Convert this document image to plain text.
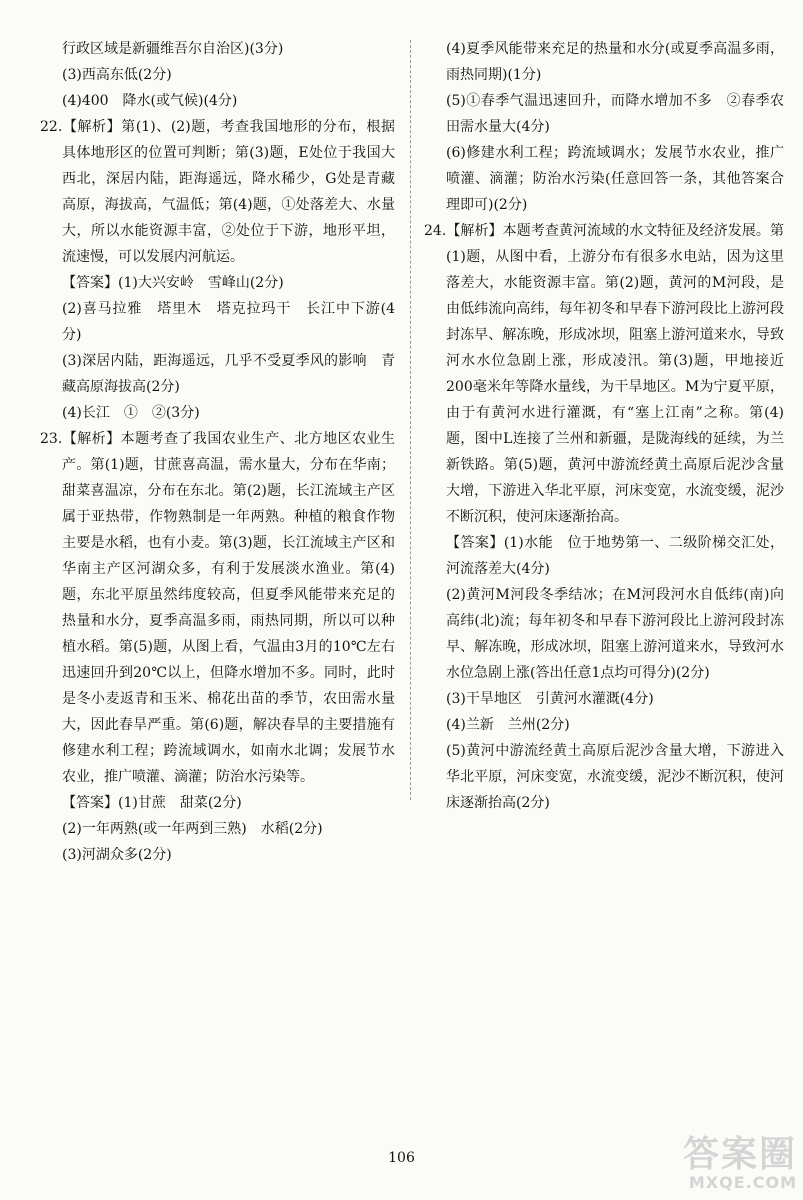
行政区域是新疆维吾尔自治区)(3分)

(3)西高东低(2分)

(4)400　降水(或气候)(4分)

22.【解析】第(1)、(2)题，考查我国地形的分布，根据具体地形区的位置可判断；第(3)题，E处位于我国大西北，深居内陆，距海遥远，降水稀少，G处是青藏高原，海拔高，气温低；第(4)题，①处落差大、水量大，所以水能资源丰富，②处位于下游，地形平坦，流速慢，可以发展内河航运。

【答案】(1)大兴安岭　雪峰山(2分)

(2)喜马拉雅　塔里木　塔克拉玛干　长江中下游(4分)

(3)深居内陆，距海遥远，几乎不受夏季风的影响　青藏高原海拔高(2分)

(4)长江　①　②(3分)

23.【解析】本题考查了我国农业生产、北方地区农业生产。第(1)题，甘蔗喜高温，需水量大，分布在华南；甜菜喜温凉，分布在东北。第(2)题，长江流域主产区属于亚热带，作物熟制是一年两熟。种植的粮食作物主要是水稻，也有小麦。第(3)题，长江流域主产区和华南主产区河湖众多，有利于发展淡水渔业。第(4)题，东北平原虽然纬度较高，但夏季风能带来充足的热量和水分，夏季高温多雨，雨热同期，所以可以种植水稻。第(5)题，从图上看，气温由3月的10℃左右迅速回升到20℃以上，但降水增加不多。同时，此时是冬小麦返青和玉米、棉花出苗的季节，农田需水量大，因此春旱严重。第(6)题，解决春旱的主要措施有修建水利工程；跨流域调水，如南水北调；发展节水农业，推广喷灌、滴灌；防治水污染等。

【答案】(1)甘蔗　甜菜(2分)

(2)一年两熟(或一年两到三熟)　水稻(2分)

(3)河湖众多(2分)

(4)夏季风能带来充足的热量和水分(或夏季高温多雨，雨热同期)(1分)

(5)①春季气温迅速回升，而降水增加不多　②春季农田需水量大(4分)

(6)修建水利工程；跨流域调水；发展节水农业，推广喷灌、滴灌；防治水污染(任意回答一条，其他答案合理即可)(2分)

24.【解析】本题考查黄河流域的水文特征及经济发展。第(1)题，从图中看，上游分布有很多水电站，因为这里落差大，水能资源丰富。第(2)题，黄河的M河段，是由低纬流向高纬，每年初冬和早春下游河段比上游河段封冻早、解冻晚，形成冰坝，阻塞上游河道来水，导致河水水位急剧上涨，形成凌汛。第(3)题，甲地接近200毫米年等降水量线，为干旱地区。M为宁夏平原，由于有黄河水进行灌溉，有“塞上江南”之称。第(4)题，图中L连接了兰州和新疆，是陇海线的延续，为兰新铁路。第(5)题，黄河中游流经黄土高原后泥沙含量大增，下游进入华北平原，河床变宽，水流变缓，泥沙不断沉积，使河床逐渐抬高。

【答案】(1)水能　位于地势第一、二级阶梯交汇处，河流落差大(4分)

(2)黄河M河段冬季结冰；在M河段河水自低纬(南)向高纬(北)流；每年初冬和早春下游河段比上游河段封冻早、解冻晚，形成冰坝，阻塞上游河道来水，导致河水水位急剧上涨(答出任意1点均可得分)(2分)

(3)干旱地区　引黄河水灌溉(4分)

(4)兰新　兰州(2分)

(5)黄河中游流经黄土高原后泥沙含量大增，下游进入华北平原，河床变宽，水流变缓，泥沙不断沉积，使河床逐渐抬高(2分)

106	答案圈
MXQE.COM
